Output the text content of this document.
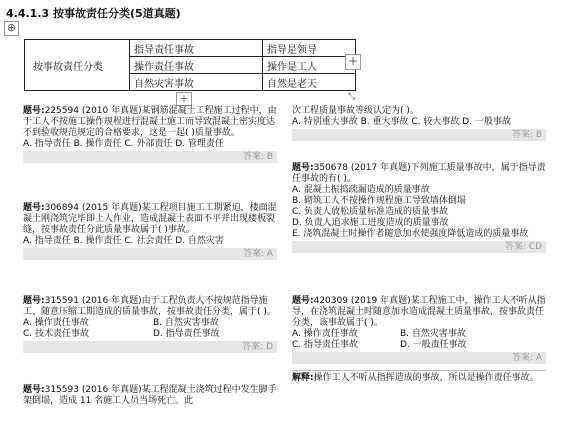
4.4.1.3 按事故责任分类(5道真题)
⊕
按事故责任分类	指导责任事故	指导是领导
	操作责任事故	操作是工人
	自然灾害事故	自然是老天
+
+	⤡
题号:225594 (2010 年真题)某钢筋混凝土工程施工过程中，由于工人不按施工操作规程进行混凝土施工而导致混凝土密实度达不到验收规范规定的合格要求，这是一起( )质量事故。
A. 指导责任 B. 操作责任 C. 外部责任 D. 管理责任
答案: B
题号:306894 (2015 年真题)某工程项目施工工期紧迫，楼面混凝土刚浇筑完毕即上人作业，造成混凝土表面不平并出现楼板裂缝，按事故责任分此质量事故属于( )事故。
A. 指导责任 B. 操作责任 C. 社会责任 D. 自然灾害
答案: A
题号:315591 (2016 年真题)由于工程负责人不按规范指导施工、随意压缩工期造成的质量事故，按事故责任分类，属于( )。
A. 操作责任事故	B. 自然灾害事故
C. 技术责任事故	D. 指导责任事故
答案: D
题号:315593 (2016 年真题)某工程混凝土浇筑过程中发生脚手架倒塌，造成 11 名施工人员当场死亡。此
次工程质量事故等级认定为( )。
A. 特别重大事故 B. 重大事故 C. 较大事故 D. 一般事故
答案: B
题号:350678 (2017 年真题)下列施工质量事故中，属于指导责任事故的有( )。
A. 混凝土振捣疏漏造成的质量事故
B. 砌筑工人不按操作规程施工导致墙体倒塌
C. 负责人放松质量标准造成的质量事故
D. 负责人追求施工进度造成的质量事故
E. 浇筑混凝土时操作者随意加水使强度降低造成的质量事故
答案: CD
题号:420309 (2019 年真题)某工程施工中，操作工人不听从指导，在浇筑混凝土时随意加水造成混凝土质量事故，按事故责任分类，该事故属于( )。
A. 操作责任事故	B. 自然灾害事故
C. 指导责任事故	D. 一般责任事故
答案: A
解释:操作工人不听从指挥造成的事故，所以是操作责任事故。
